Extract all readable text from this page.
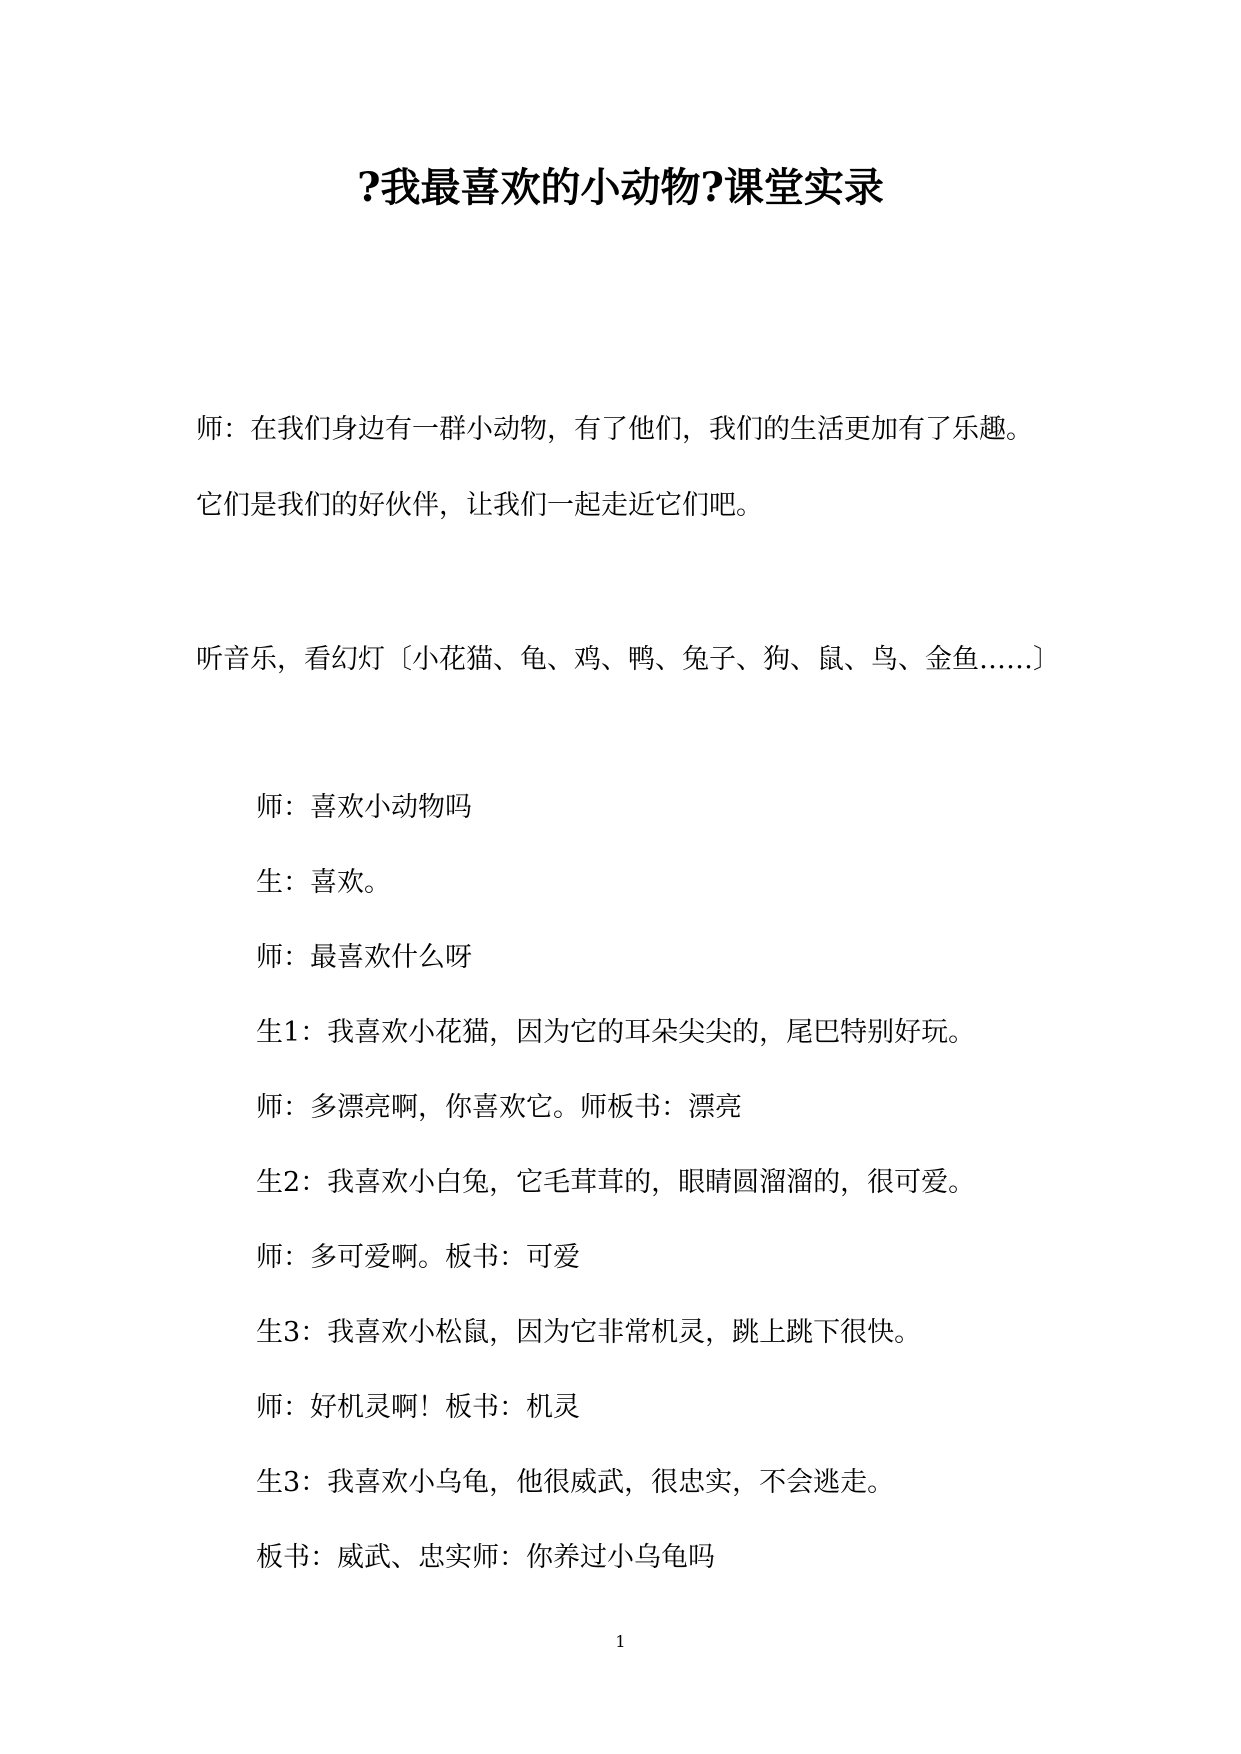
?我最喜欢的小动物?课堂实录

师：在我们身边有一群小动物，有了他们，我们的生活更加有了乐趣。它们是我们的好伙伴，让我们一起走近它们吧。

听音乐，看幻灯〔小花猫、龟、鸡、鸭、兔子、狗、鼠、鸟、金鱼……〕

师：喜欢小动物吗

生：喜欢。

师：最喜欢什么呀

生1：我喜欢小花猫，因为它的耳朵尖尖的，尾巴特别好玩。

师：多漂亮啊，你喜欢它。师板书：漂亮

生2：我喜欢小白兔，它毛茸茸的，眼睛圆溜溜的，很可爱。

师：多可爱啊。板书：可爱

生3：我喜欢小松鼠，因为它非常机灵，跳上跳下很快。

师：好机灵啊！板书：机灵

生3：我喜欢小乌龟，他很威武，很忠实，不会逃走。

板书：威武、忠实师：你养过小乌龟吗

1
